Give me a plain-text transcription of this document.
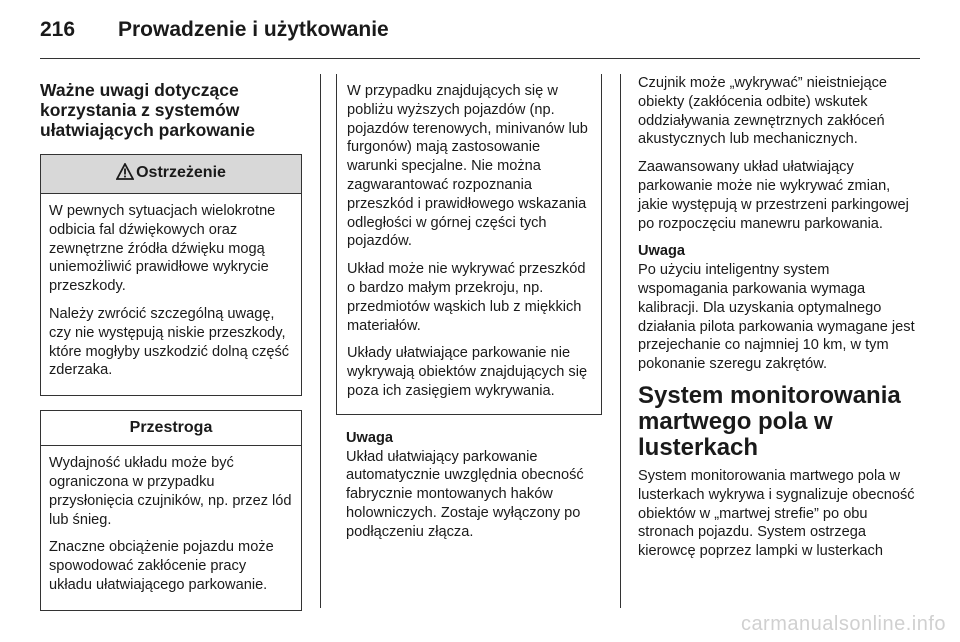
216 Prowadzenie i użytkowanie
Ważne uwagi dotyczące korzystania z systemów ułatwiających parkowanie
Ostrzeżenie

W pewnych sytuacjach wielokrotne odbicia fal dźwiękowych oraz zewnętrzne źródła dźwięku mogą uniemożliwić prawidłowe wykrycie przeszkody.

Należy zwrócić szczególną uwagę, czy nie występują niskie przeszkody, które mogłyby uszkodzić dolną część zderzaka.

Przestroga

Wydajność układu może być ograniczona w przypadku przysłonięcia czujników, np. przez lód lub śnieg.

Znaczne obciążenie pojazdu może spowodować zakłócenie pracy układu ułatwiającego parkowanie.

W przypadku znajdujących się w pobliżu wyższych pojazdów (np. pojazdów terenowych, minivanów lub furgonów) mają zastosowanie warunki specjalne. Nie można zagwarantować rozpoznania przeszkód i prawidłowego wskazania odległości w górnej części tych pojazdów.

Układ może nie wykrywać przeszkód o bardzo małym przekroju, np. przedmiotów wąskich lub z miękkich materiałów.

Układy ułatwiające parkowanie nie wykrywają obiektów znajdujących się poza ich zasięgiem wykrywania.

Uwaga

Układ ułatwiający parkowanie automatycznie uwzględnia obecność fabrycznie montowanych haków holowniczych. Zostaje wyłączony po podłączeniu złącza.

Czujnik może „wykrywać” nieistniejące obiekty (zakłócenia odbite) wskutek oddziaływania zewnętrznych zakłóceń akustycznych lub mechanicznych.

Zaawansowany układ ułatwiający parkowanie może nie wykrywać zmian, jakie występują w przestrzeni parkingowej po rozpoczęciu manewru parkowania.

Uwaga

Po użyciu inteligentny system wspomagania parkowania wymaga kalibracji. Dla uzyskania optymalnego działania pilota parkowania wymagane jest przejechanie co najmniej 10 km, w tym pokonanie szeregu zakrętów.

System monitorowania martwego pola w lusterkach

System monitorowania martwego pola w lusterkach wykrywa i sygnalizuje obecność obiektów w „martwej strefie” po obu stronach pojazdu. System ostrzega kierowcę poprzez lampki w lusterkach

carmanualsonline.info
